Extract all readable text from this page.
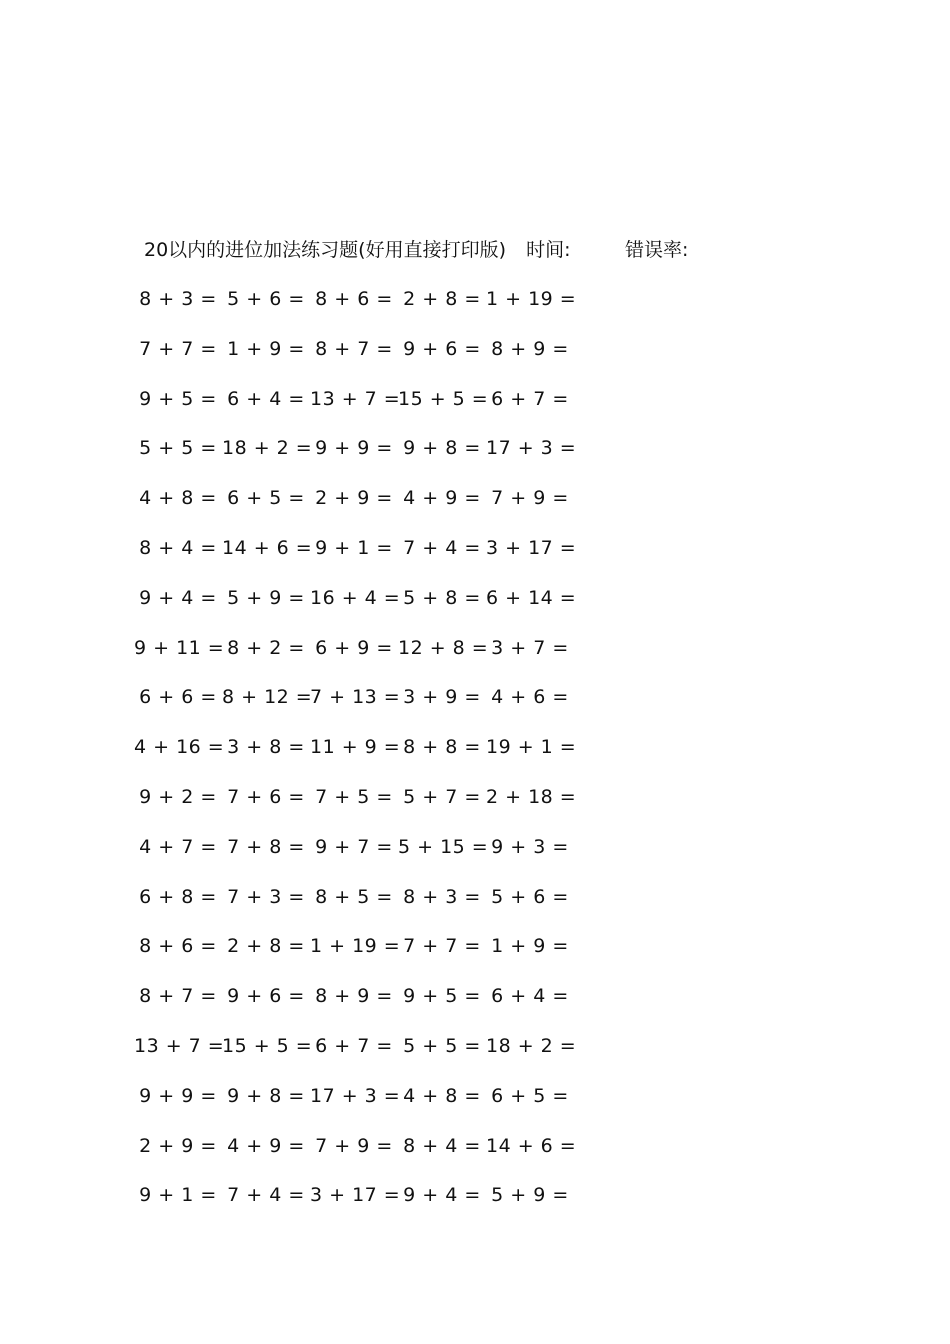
20以内的进位加法练习题(好用直接打印版) 时间:	错误率:
8 + 3 = 5 + 6 = 8 + 6 = 2 + 8 = 1 + 19 =
7 + 7 = 1 + 9 = 8 + 7 = 9 + 6 = 8 + 9 =
9 + 5 = 6 + 4 = 13 + 7 =
15 + 5 = 6 + 7 =
5 + 5 = 18 + 2 = 9 + 9 = 9 + 8 = 17 + 3 =
4 + 8 = 6 + 5 = 2 + 9 = 4 + 9 = 7 + 9 =
8 + 4 = 14 + 6 = 9 + 1 = 7 + 4 = 3 + 17 =
9 + 4 = 5 + 9 = 16 + 4 = 5 + 8 = 6 + 14 =
9 + 11 = 8 + 2 = 6 + 9 = 12 + 8 = 3 + 7 =
6 + 6 = 8 + 12 =
7 + 13 = 3 + 9 = 4 + 6 =
4 + 16 = 3 + 8 = 11 + 9 = 8 + 8 = 19 + 1 =
9 + 2 = 7 + 6 = 7 + 5 = 5 + 7 = 2 + 18 =
4 + 7 = 7 + 8 = 9 + 7 = 5 + 15 = 9 + 3 =
6 + 8 = 7 + 3 = 8 + 5 = 8 + 3 = 5 + 6 =
8 + 6 = 2 + 8 = 1 + 19 = 7 + 7 = 1 + 9 =
8 + 7 = 9 + 6 = 8 + 9 = 9 + 5 = 6 + 4 =
13 + 7 =
15 + 5 = 6 + 7 = 5 + 5 = 18 + 2 =
9 + 9 = 9 + 8 = 17 + 3 = 4 + 8 = 6 + 5 =
2 + 9 = 4 + 9 = 7 + 9 = 8 + 4 = 14 + 6 =
9 + 1 = 7 + 4 = 3 + 17 = 9 + 4 = 5 + 9 =
